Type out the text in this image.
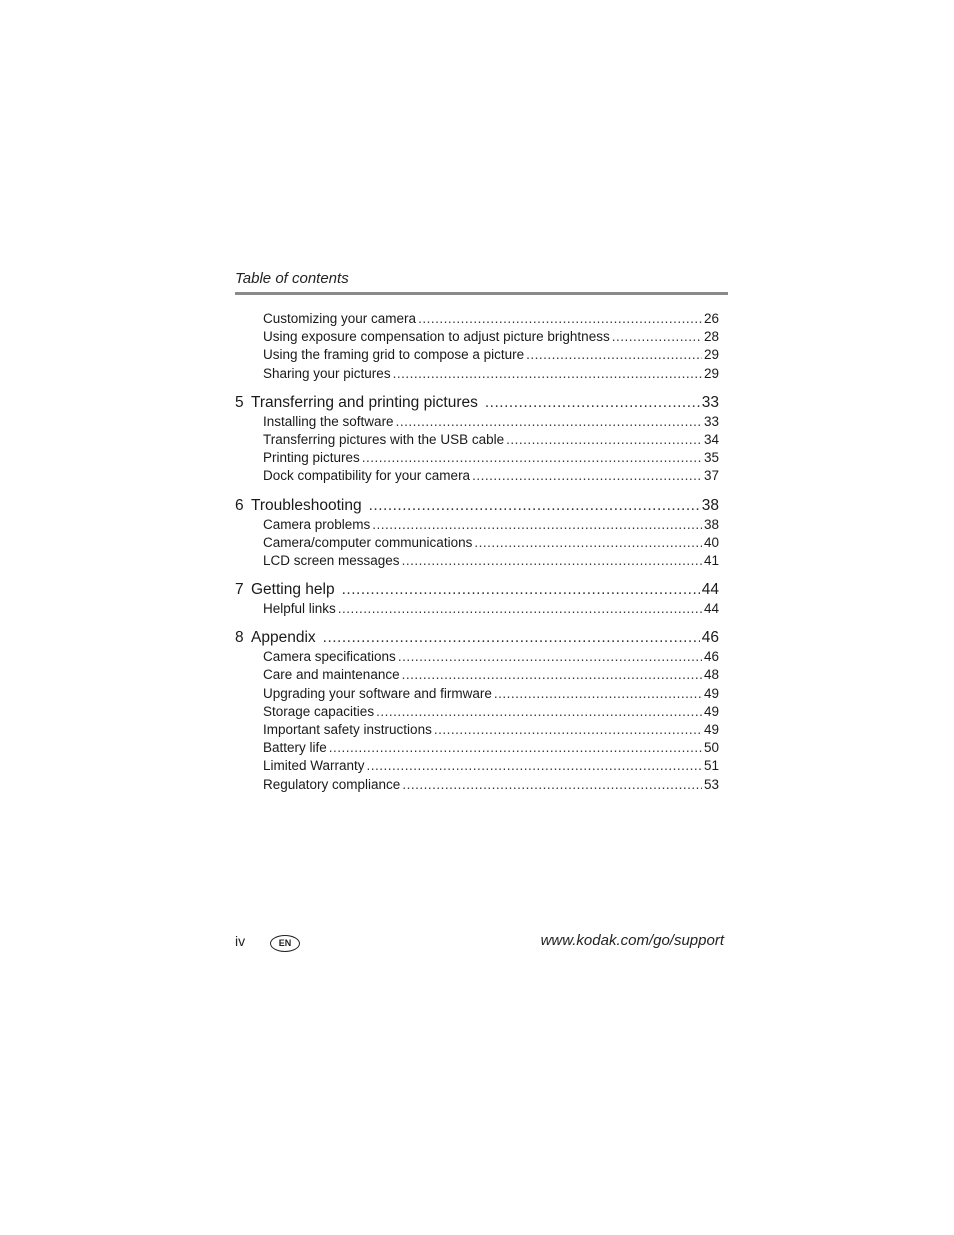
Table of contents
Customizing your camera .....	26
Using exposure compensation to adjust picture brightness .....	28
Using the framing grid to compose a picture .....	29
Sharing your pictures .....	29
5 Transferring and printing pictures .....	33
Installing the software .....	33
Transferring pictures with the USB cable .....	34
Printing pictures .....	35
Dock compatibility for your camera .....	37
6 Troubleshooting .....	38
Camera problems .....	38
Camera/computer communications .....	40
LCD screen messages .....	41
7 Getting help .....	44
Helpful links .....	44
8 Appendix .....	46
Camera specifications .....	46
Care and maintenance .....	48
Upgrading your software and firmware .....	49
Storage capacities .....	49
Important safety instructions .....	49
Battery life .....	50
Limited Warranty .....	51
Regulatory compliance .....	53
iv	EN	www.kodak.com/go/support
